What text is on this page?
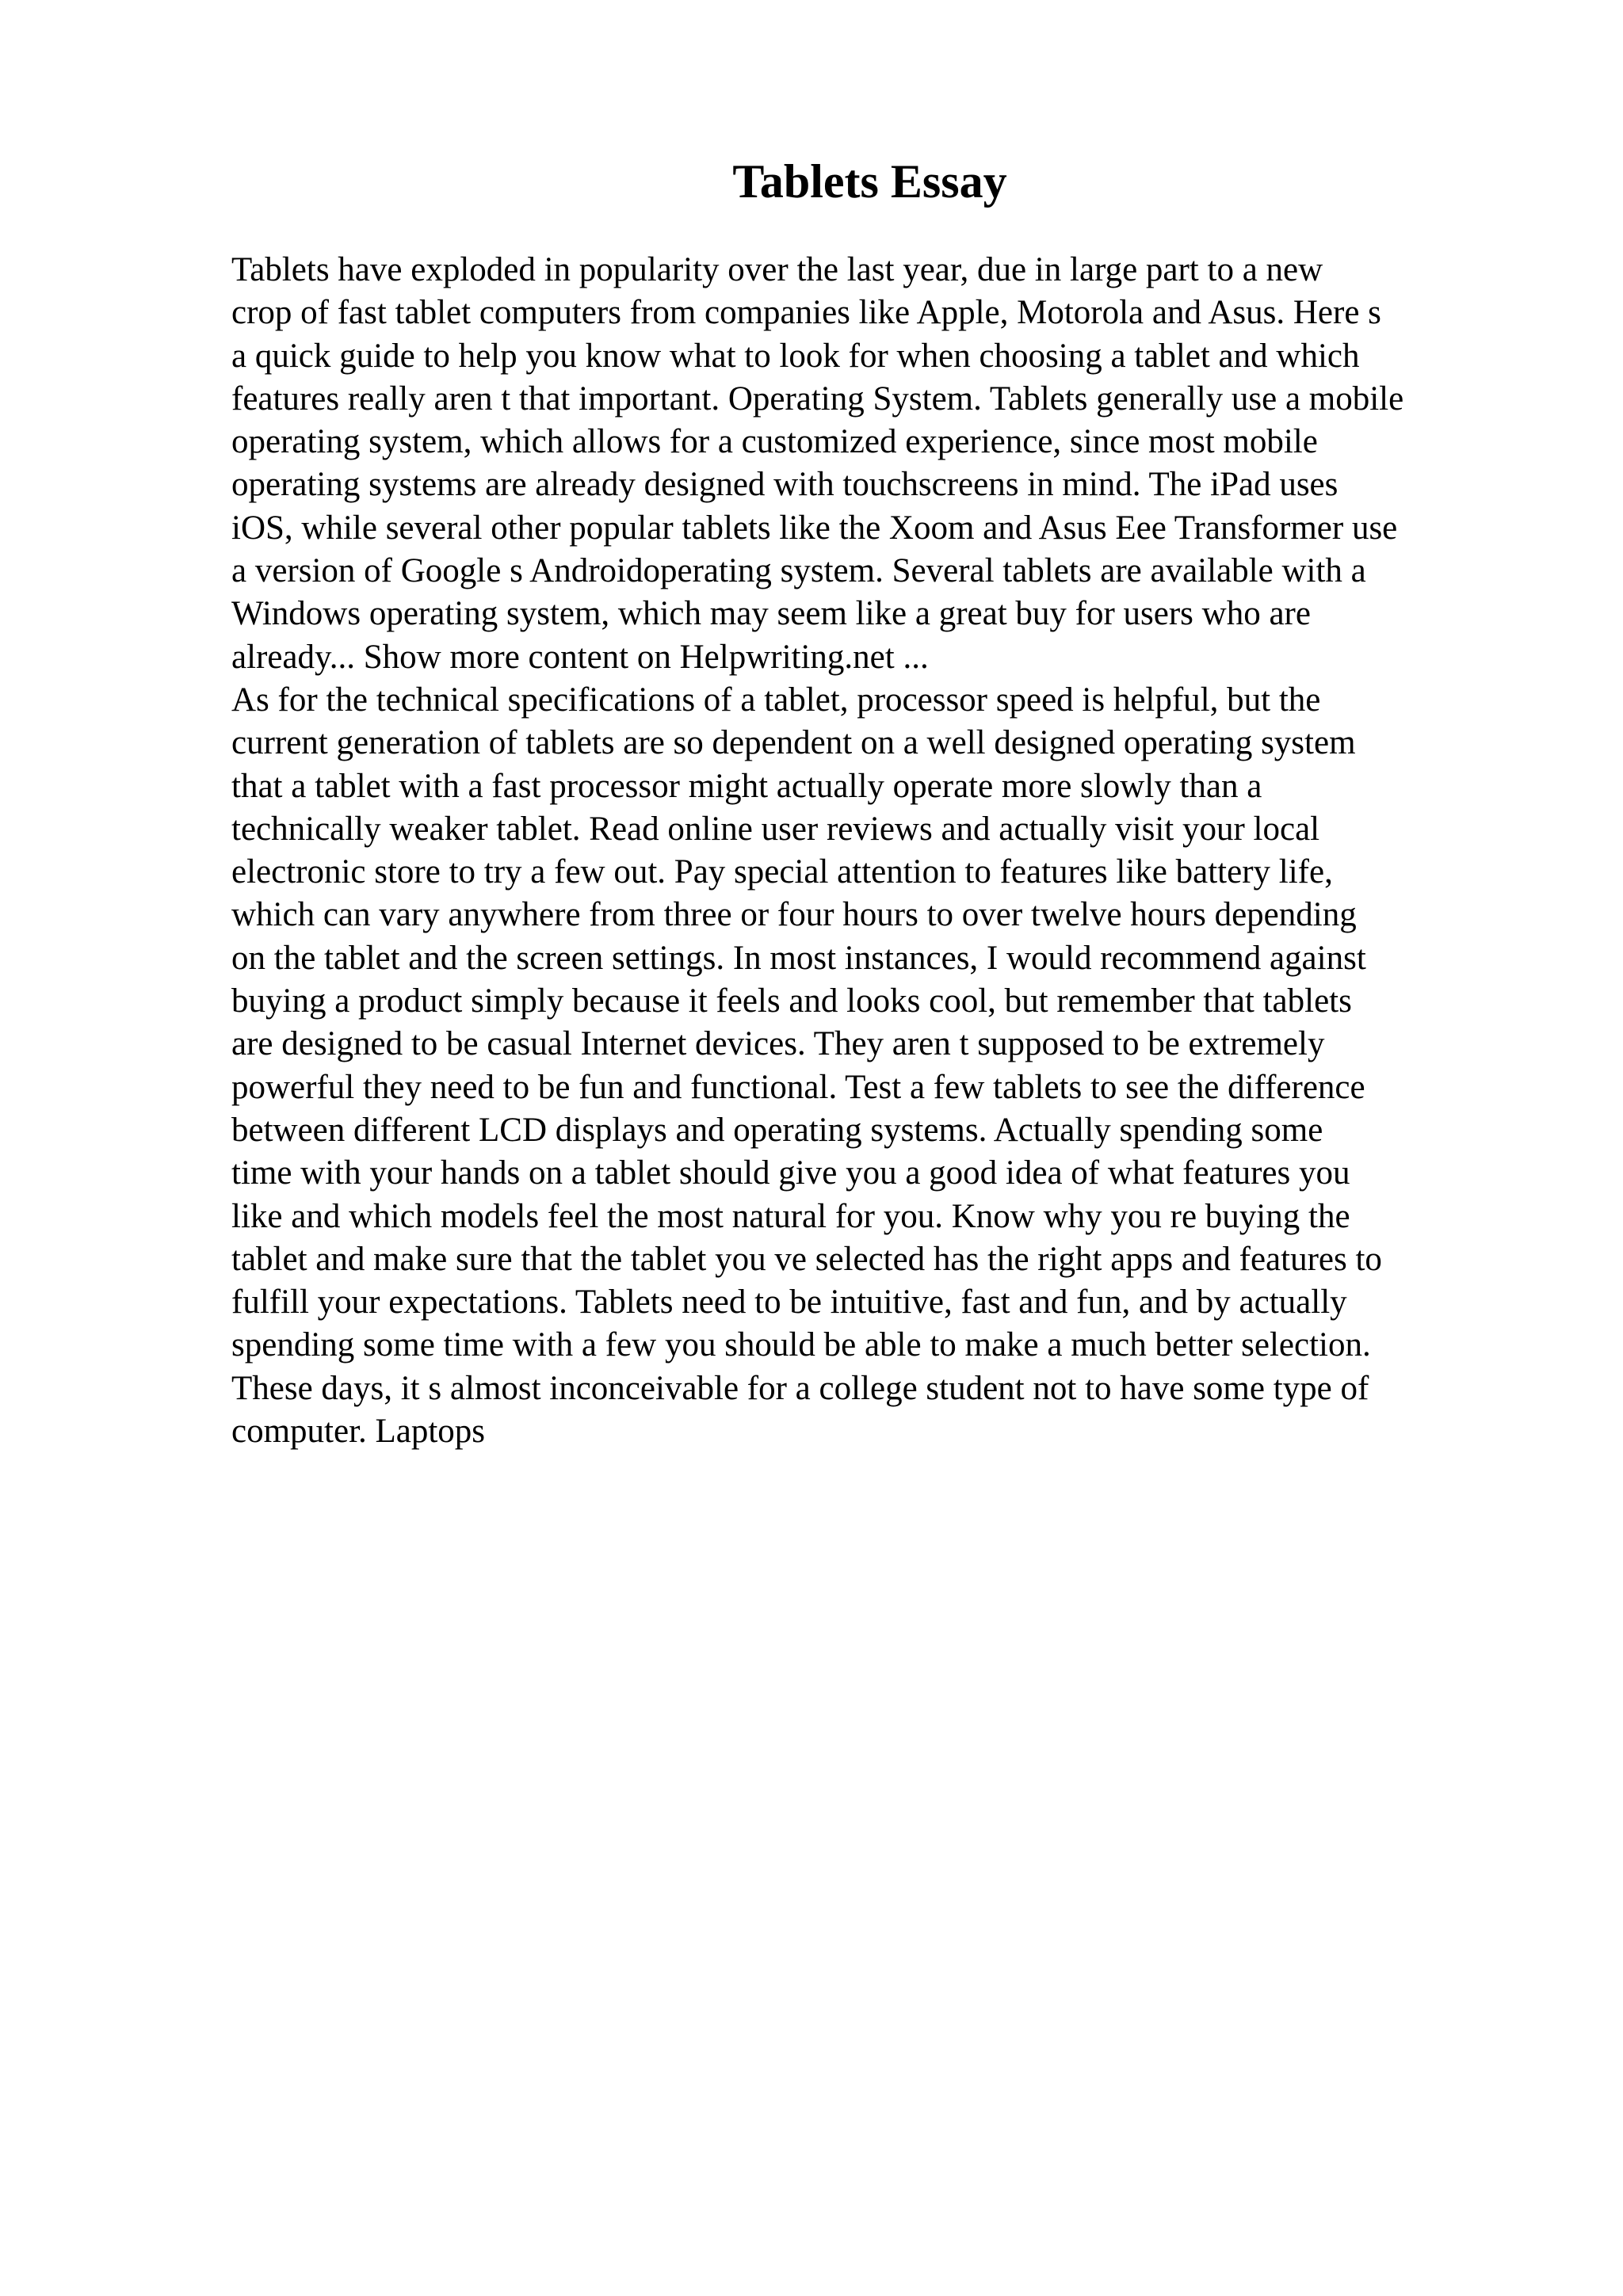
Tablets Essay
Tablets have exploded in popularity over the last year, due in large part to a new
crop of fast tablet computers from companies like Apple, Motorola and Asus. Here s
a quick guide to help you know what to look for when choosing a tablet and which
features really aren t that important. Operating System. Tablets generally use a mobile
operating system, which allows for a customized experience, since most mobile
operating systems are already designed with touchscreens in mind. The iPad uses
iOS, while several other popular tablets like the Xoom and Asus Eee Transformer use
a version of Google s Androidoperating system. Several tablets are available with a
Windows operating system, which may seem like a great buy for users who are
already... Show more content on Helpwriting.net ...
As for the technical specifications of a tablet, processor speed is helpful, but the
current generation of tablets are so dependent on a well designed operating system
that a tablet with a fast processor might actually operate more slowly than a
technically weaker tablet. Read online user reviews and actually visit your local
electronic store to try a few out. Pay special attention to features like battery life,
which can vary anywhere from three or four hours to over twelve hours depending
on the tablet and the screen settings. In most instances, I would recommend against
buying a product simply because it feels and looks cool, but remember that tablets
are designed to be casual Internet devices. They aren t supposed to be extremely
powerful they need to be fun and functional. Test a few tablets to see the difference
between different LCD displays and operating systems. Actually spending some
time with your hands on a tablet should give you a good idea of what features you
like and which models feel the most natural for you. Know why you re buying the
tablet and make sure that the tablet you ve selected has the right apps and features to
fulfill your expectations. Tablets need to be intuitive, fast and fun, and by actually
spending some time with a few you should be able to make a much better selection.
These days, it s almost inconceivable for a college student not to have some type of
computer. Laptops
